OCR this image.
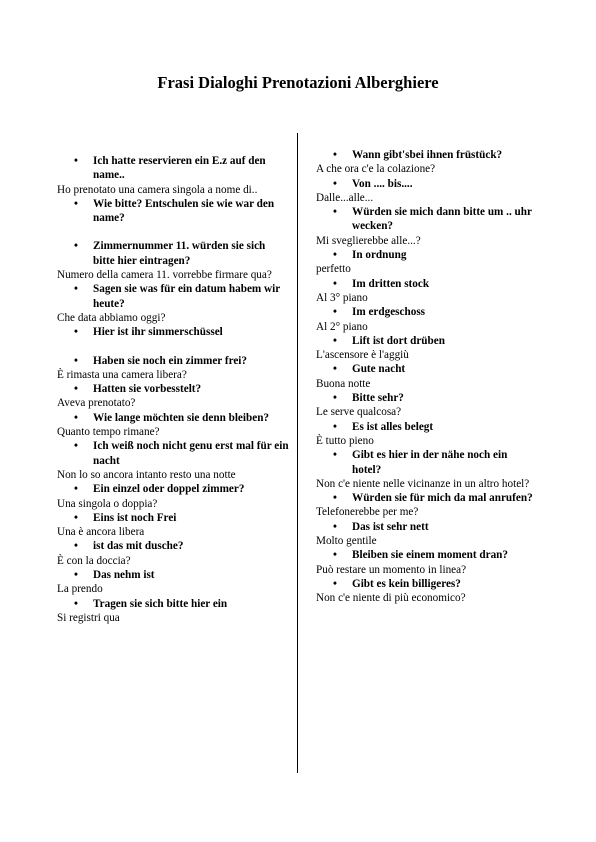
Frasi Dialoghi Prenotazioni Alberghiere
• Ich hatte reservieren ein E.z auf den name..
Ho prenotato una camera singola a nome di..
• Wie bitte? Entschulen sie wie war den name?
• Zimmernummer 11. würden sie sich bitte hier eintragen?
Numero della camera 11. vorrebbe firmare qua?
• Sagen sie was für ein datum habem wir heute?
Che data abbiamo oggi?
• Hier ist ihr simmerschüssel
• Haben sie noch ein zimmer frei?
È rimasta una camera libera?
• Hatten sie vorbesstelt?
Aveva prenotato?
• Wie lange möchten sie denn bleiben?
Quanto tempo rimane?
• Ich weiß noch nicht genu erst mal für ein nacht
Non lo so ancora intanto resto una notte
• Ein einzel oder doppel zimmer?
Una singola o doppia?
• Eins ist noch Frei
Una è ancora libera
• ist das mit dusche?
È con la doccia?
• Das nehm ist
La prendo
• Tragen sie sich bitte hier ein
Si registri qua
• Wann gibt'sbei ihnen früstück?
A che ora c'e la colazione?
• Von .... bis....
Dalle...alle...
• Würden sie mich dann bitte um .. uhr wecken?
Mi sveglierebbe alle...?
• In ordnung
perfetto
• Im dritten stock
Al 3° piano
• Im erdgeschoss
Al 2° piano
• Lift ist dort drüben
L'ascensore è l'aggiù
• Gute nacht
Buona notte
• Bitte sehr?
Le serve qualcosa?
• Es ist alles belegt
È tutto pieno
• Gibt es hier in der nähe noch ein hotel?
Non c'e niente nelle vicinanze in un altro hotel?
• Würden sie für mich da mal anrufen?
Telefonerebbe per me?
• Das ist sehr nett
Molto gentile
• Bleiben sie einem moment dran?
Può restare un momento in linea?
• Gibt es kein billigeres?
Non c'e niente di più economico?
